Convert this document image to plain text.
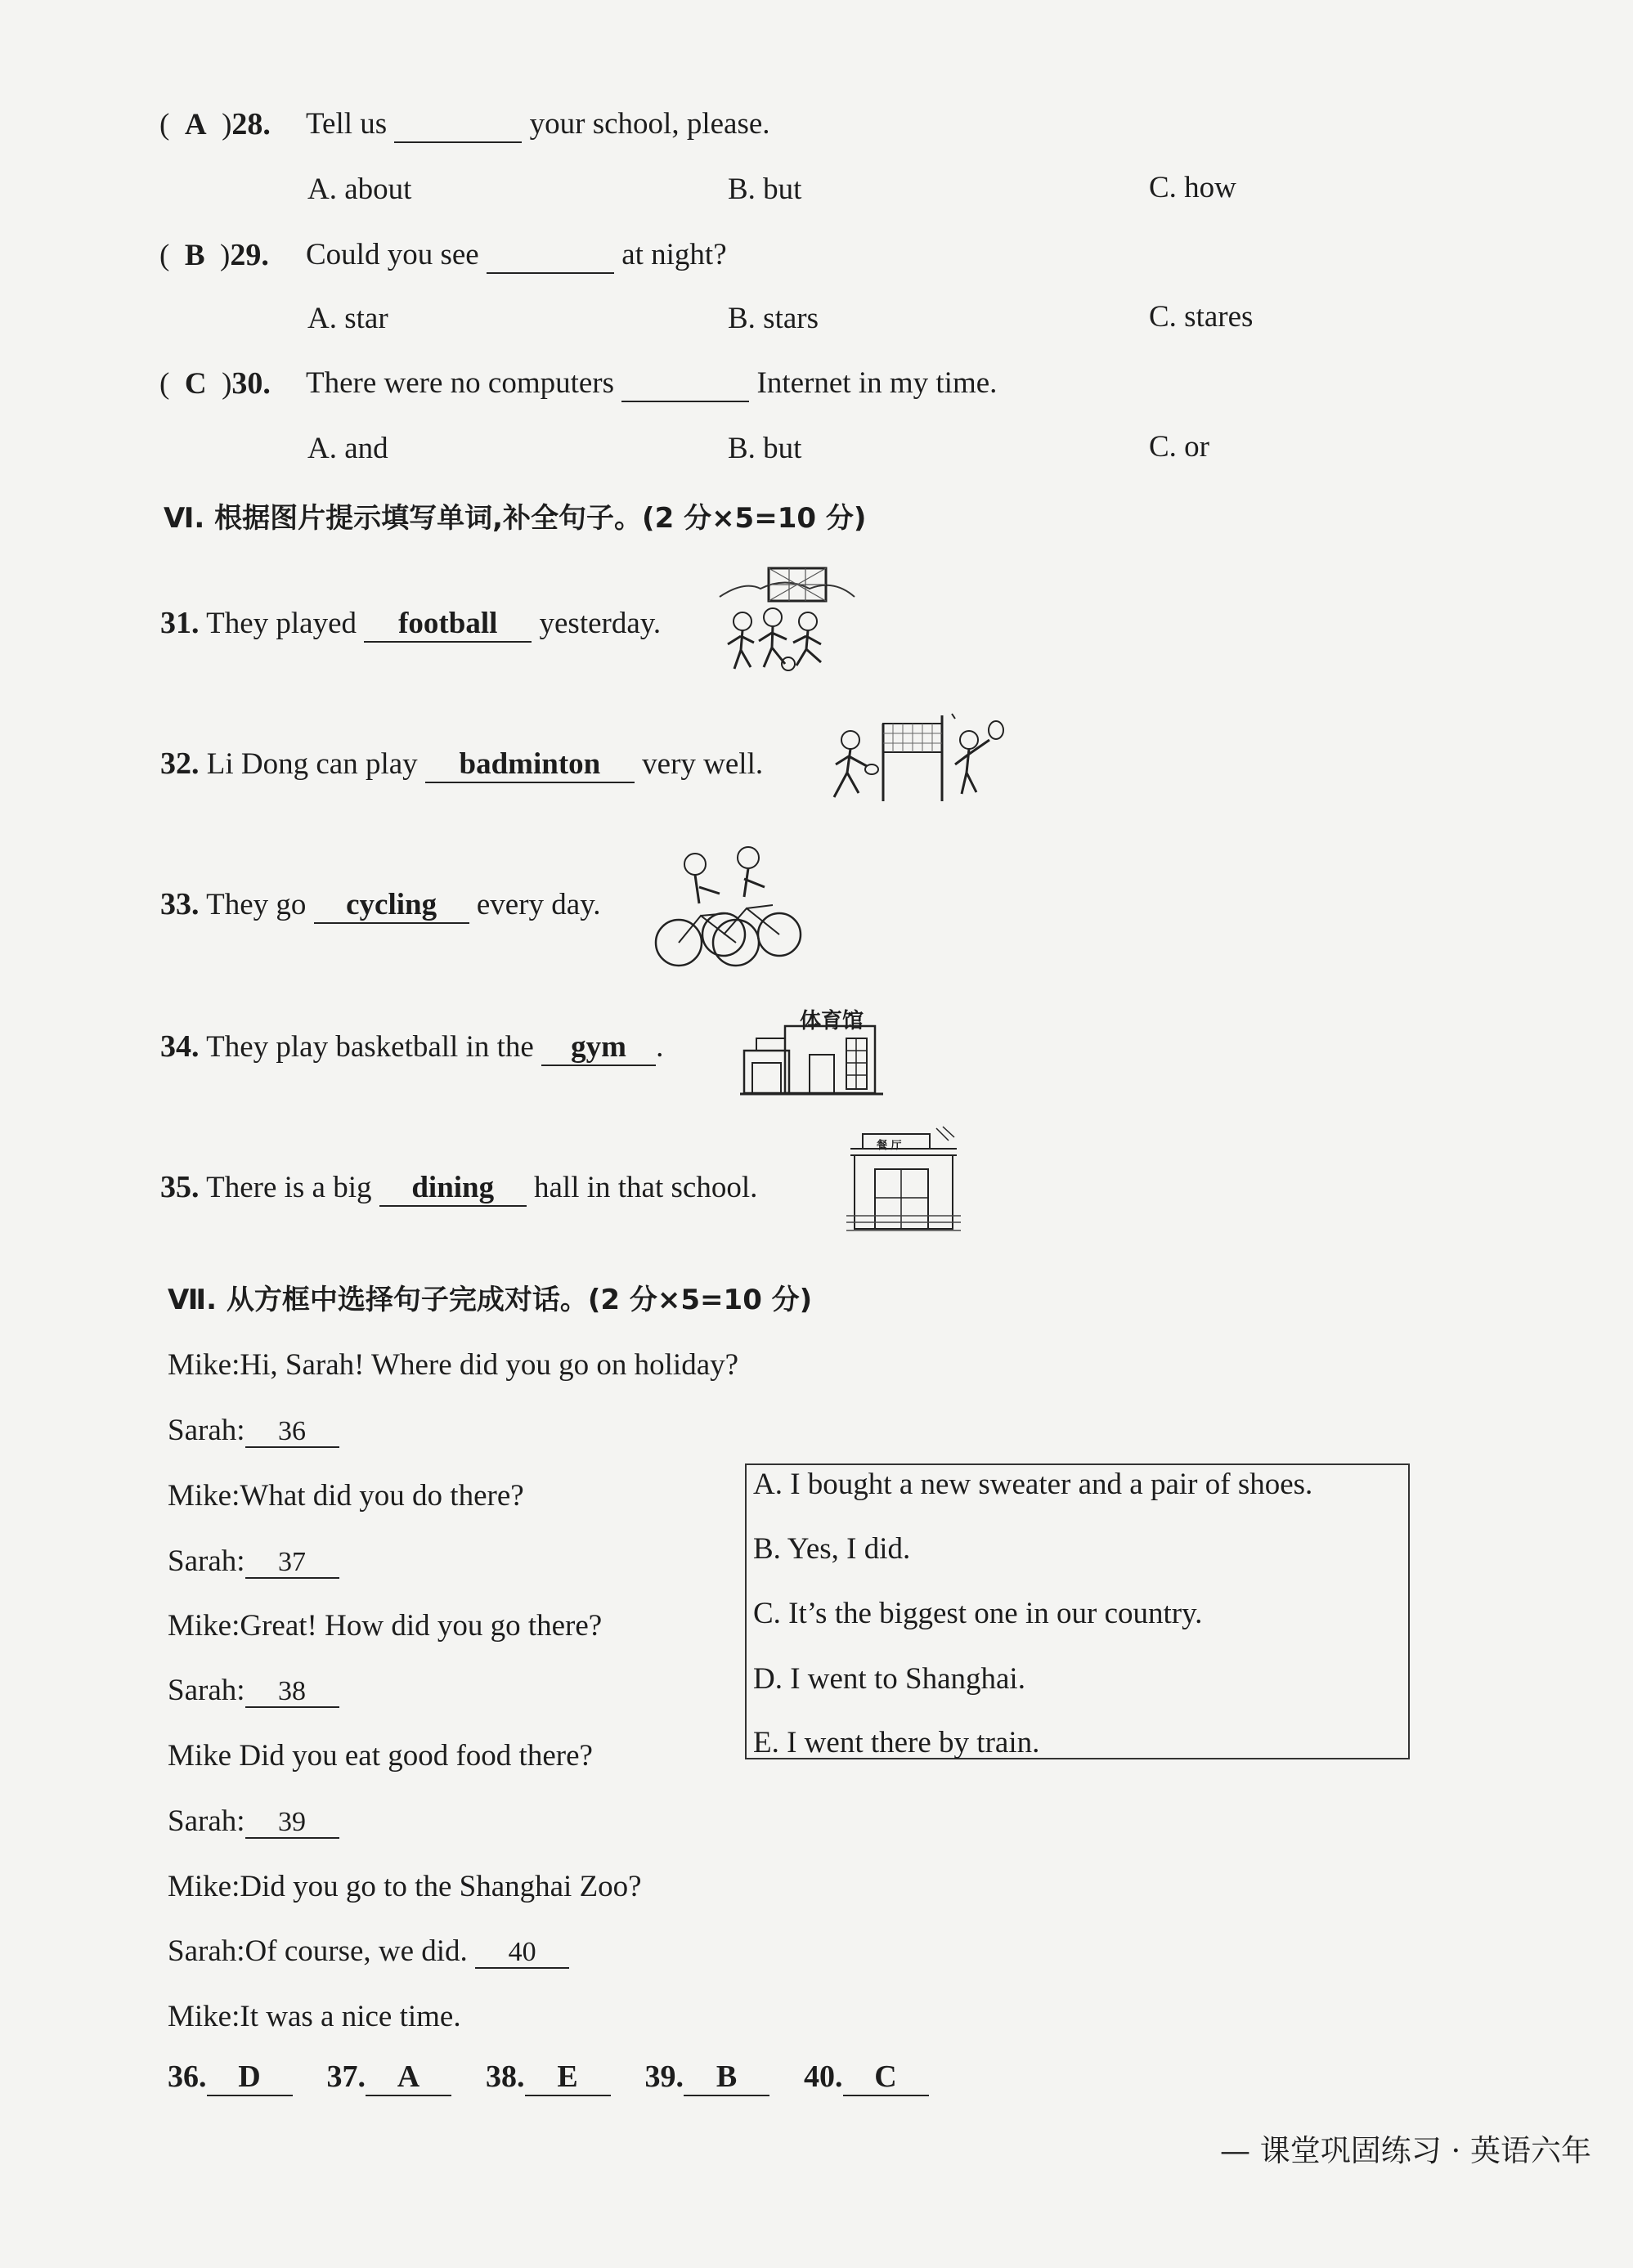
(  A  )28. Tell us	your school, please.
A. about	B. but	C. how
(  B  )29. Could you see	at night?
A. star	B. stars	C. stares
(  C  )30. There were no computers	Internet in my time.
A. and	B. but	C. or
Ⅵ. 根据图片提示填写单词,补全句子。(2 分×5=10 分)
31. They played football yesterday.
32. Li Dong can play badminton very well.
33. They go cycling every day.
34. They play basketball in the gym .
体育馆
35. There is a big dining hall in that school.
餐 厅
Ⅶ. 从方框中选择句子完成对话。(2 分×5=10 分)
Mike:Hi, Sarah! Where did you go on holiday?
Sarah: 36
Mike:What did you do there?
Sarah: 37
Mike:Great! How did you go there?
Sarah: 38
Mike Did you eat good food there?
Sarah: 39
Mike:Did you go to the Shanghai Zoo?
Sarah:Of course, we did. 40
Mike:It was a nice time.
A. I bought a new sweater and a pair of shoes.
B. Yes, I did.
C. It’s the biggest one in our country.
D. I went to Shanghai.
E. I went there by train.
36. D 37. A 38. E 39. B 40. C
— 课堂巩固练习 · 英语六年
